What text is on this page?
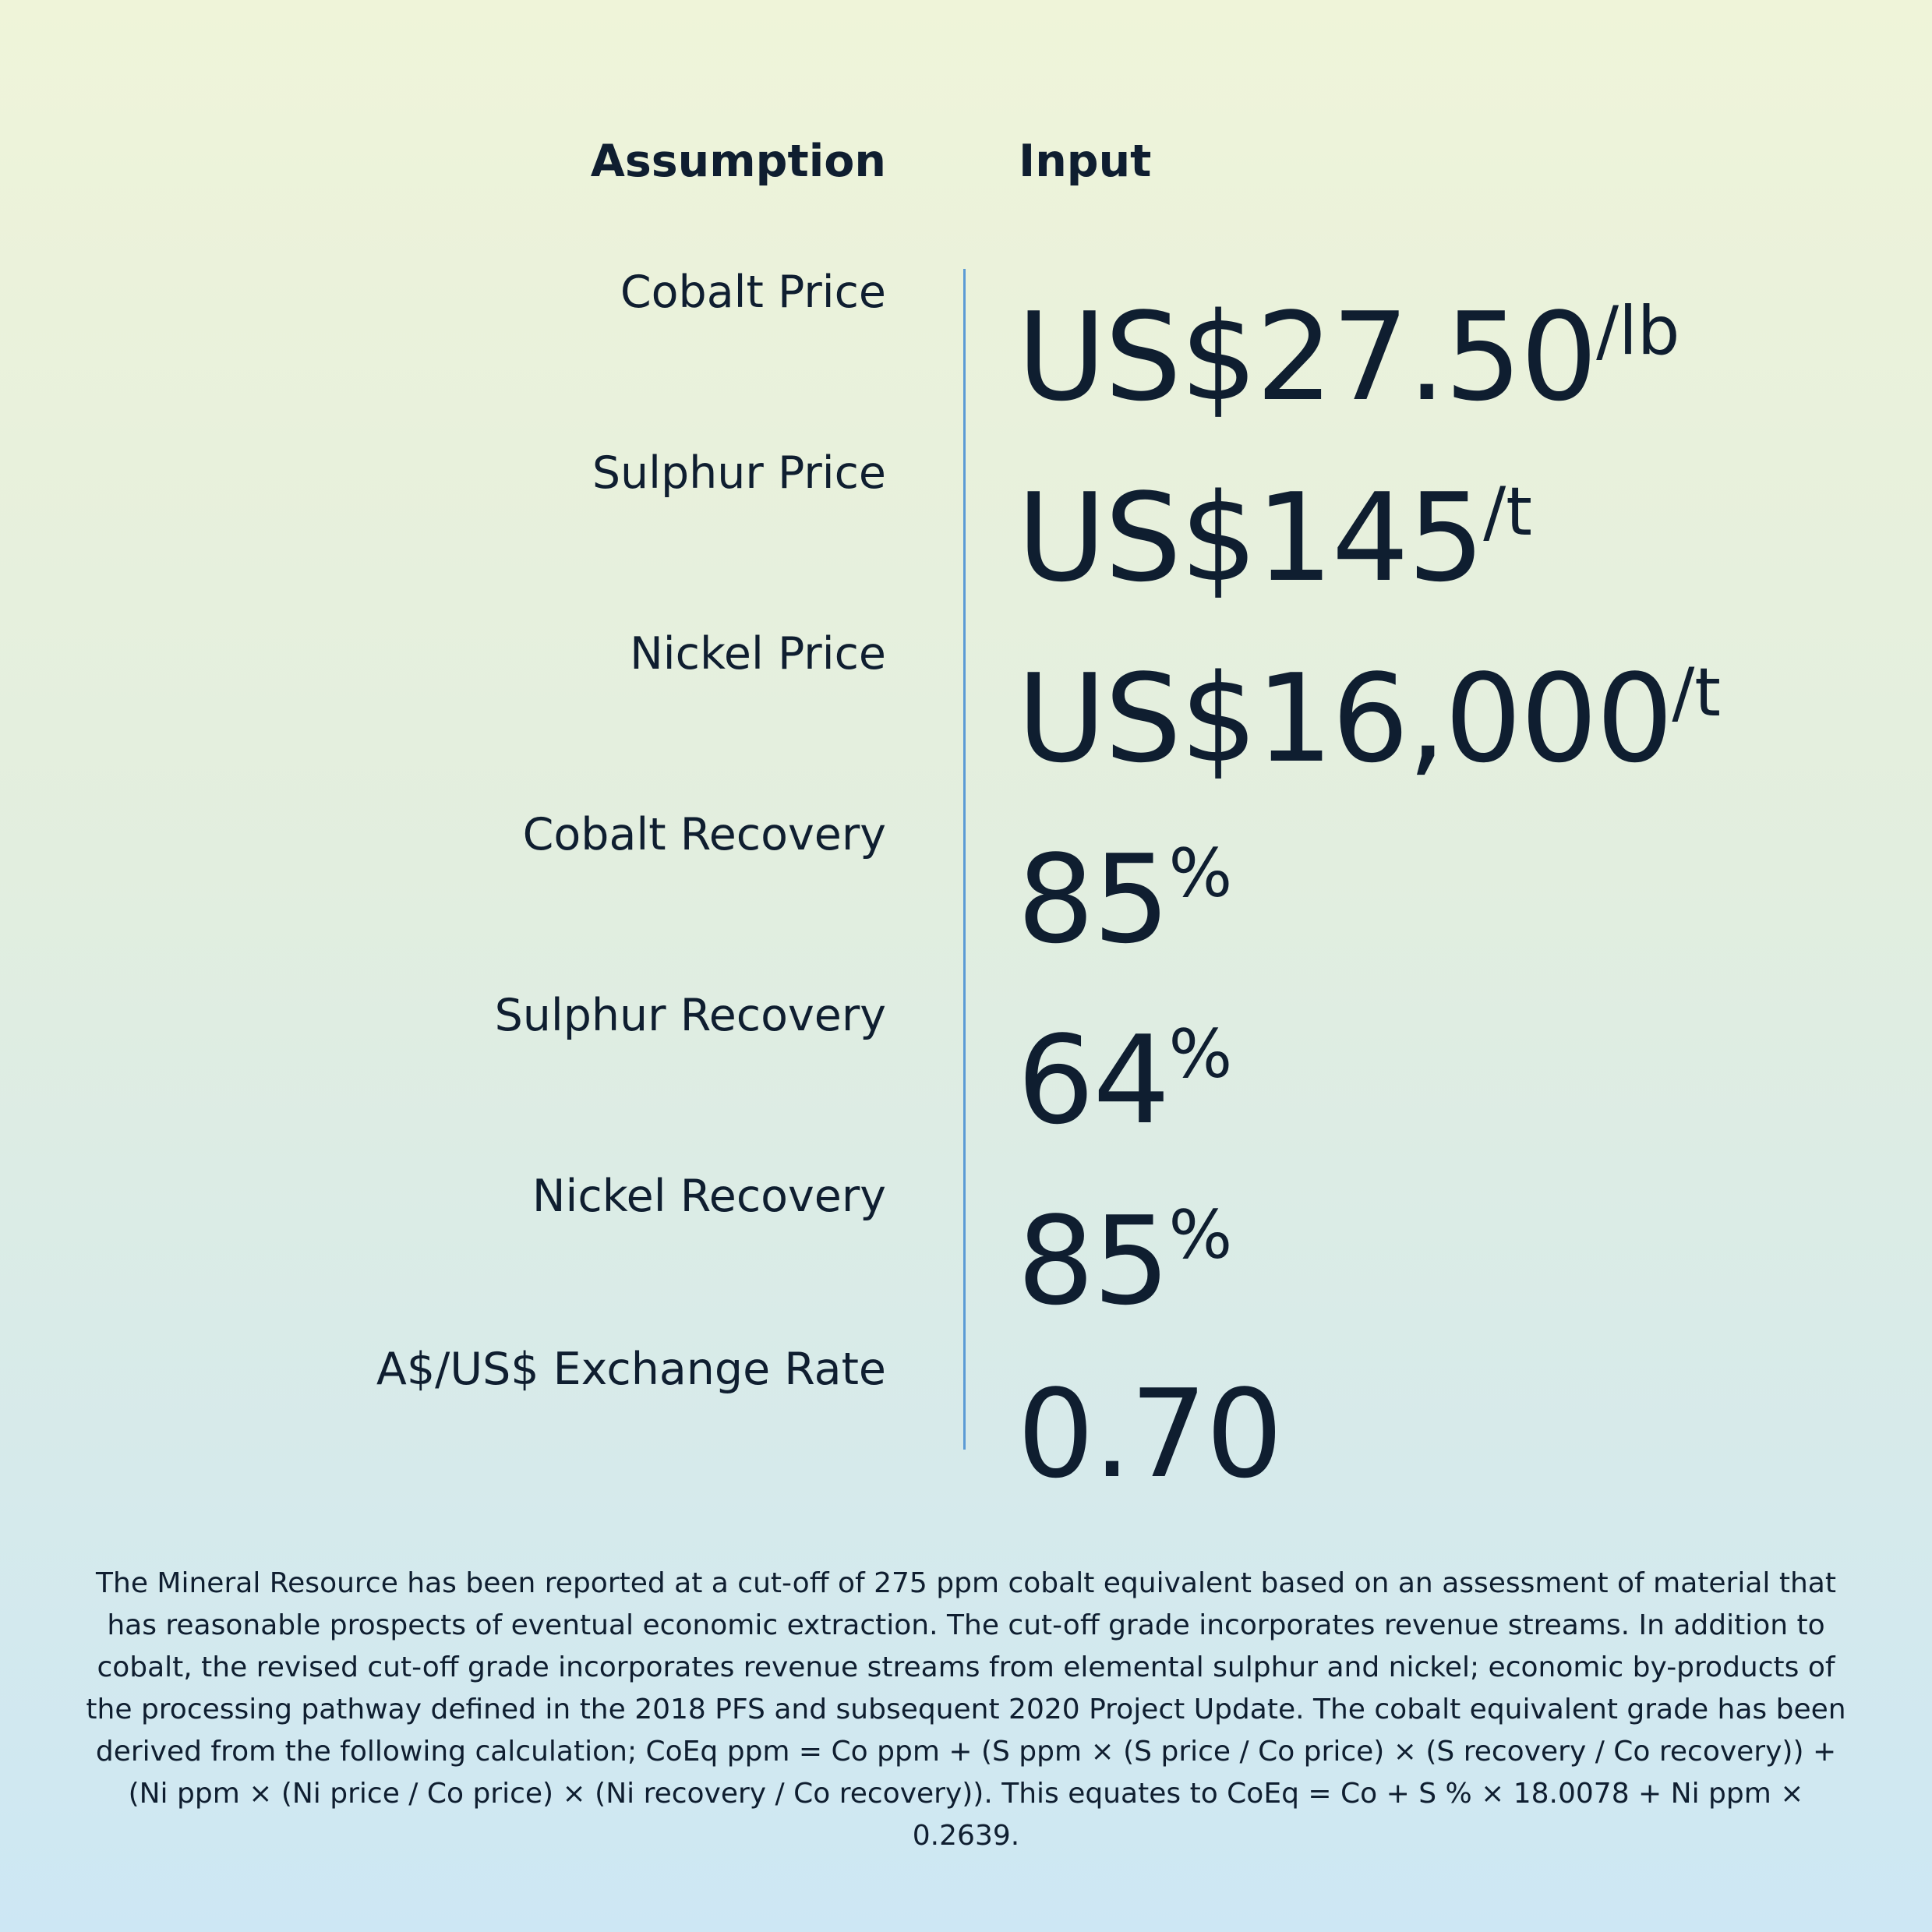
Assumption	Input
Cobalt Price $US\$27.50^{/lb}$
Sulphur Price $US\$145^{/t}$
Nickel Price $US\$16,000^{/t}$
Cobalt Recovery 85%
Sulphur Recovery 64%
Nickel Recovery 85%
A$/US$ Exchange Rate 0.70
The Mineral Resource has been reported at a cut-off of 275 ppm cobalt equivalent based on an assessment of material that has reasonable prospects of eventual economic extraction. The cut-off grade incorporates revenue streams. In addition to cobalt, the revised cut-off grade incorporates revenue streams from elemental sulphur and nickel; economic by-products of the processing pathway defined in the 2018 PFS and subsequent 2020 Project Update. The cobalt equivalent grade has been derived from the following calculation; CoEq ppm = Co ppm + (S ppm × (S price / Co price) × (S recovery / Co recovery)) + (Ni ppm × (Ni price / Co price) × (Ni recovery / Co recovery)). This equates to CoEq = Co + S % × 18.0078 + Ni ppm × 0.2639.
